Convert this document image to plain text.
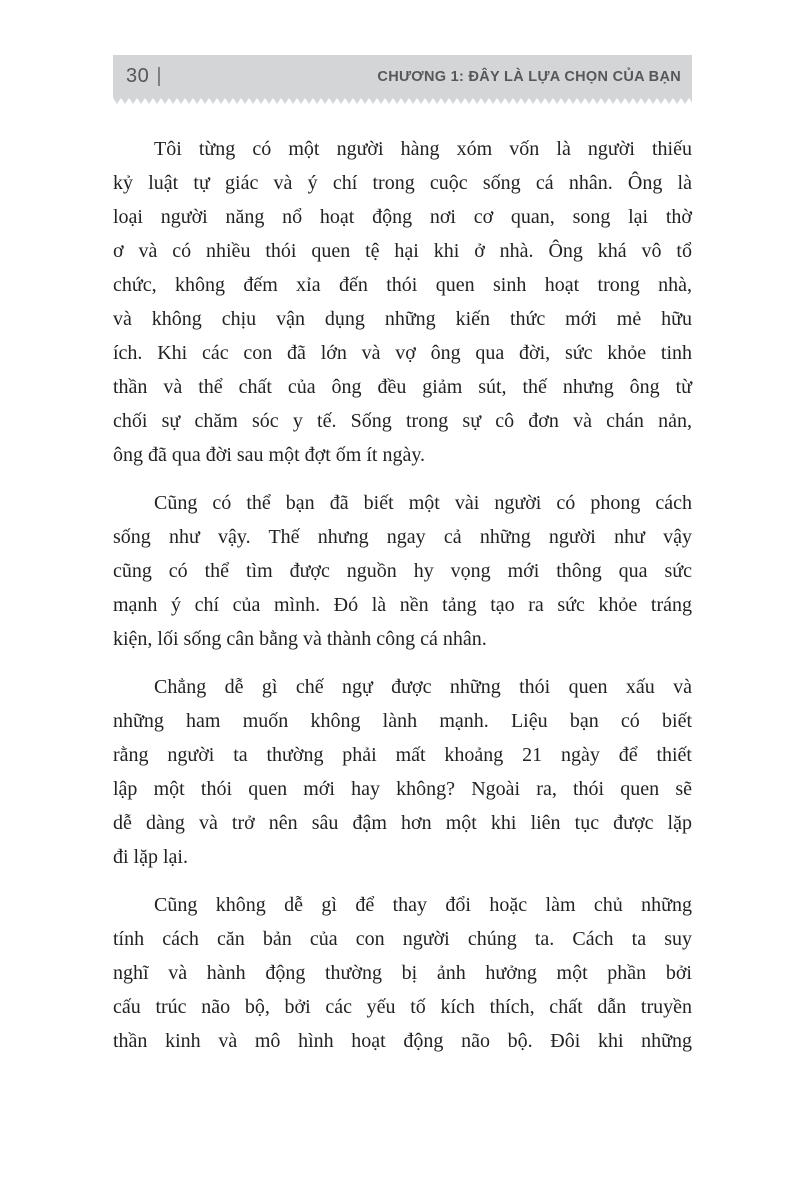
30	CHƯƠNG 1: ĐÂY LÀ LỰA CHỌN CỦA BẠN
Tôi từng có một người hàng xóm vốn là người thiếu
kỷ luật tự giác và ý chí trong cuộc sống cá nhân. Ông là
loại người năng nổ hoạt động nơi cơ quan, song lại thờ
ơ và có nhiều thói quen tệ hại khi ở nhà. Ông khá vô tổ
chức, không đếm xỉa đến thói quen sinh hoạt trong nhà,
và không chịu vận dụng những kiến thức mới mẻ hữu
ích. Khi các con đã lớn và vợ ông qua đời, sức khỏe tinh
thần và thể chất của ông đều giảm sút, thế nhưng ông từ
chối sự chăm sóc y tế. Sống trong sự cô đơn và chán nản,
ông đã qua đời sau một đợt ốm ít ngày.
Cũng có thể bạn đã biết một vài người có phong cách
sống như vậy. Thế nhưng ngay cả những người như vậy
cũng có thể tìm được nguồn hy vọng mới thông qua sức
mạnh ý chí của mình. Đó là nền tảng tạo ra sức khỏe tráng
kiện, lối sống cân bằng và thành công cá nhân.
Chẳng dễ gì chế ngự được những thói quen xấu và
những ham muốn không lành mạnh. Liệu bạn có biết
rằng người ta thường phải mất khoảng 21 ngày để thiết
lập một thói quen mới hay không? Ngoài ra, thói quen sẽ
dễ dàng và trở nên sâu đậm hơn một khi liên tục được lặp
đi lặp lại.
Cũng không dễ gì để thay đổi hoặc làm chủ những
tính cách căn bản của con người chúng ta. Cách ta suy
nghĩ và hành động thường bị ảnh hưởng một phần bởi
cấu trúc não bộ, bởi các yếu tố kích thích, chất dẫn truyền
thần kinh và mô hình hoạt động não bộ. Đôi khi những
